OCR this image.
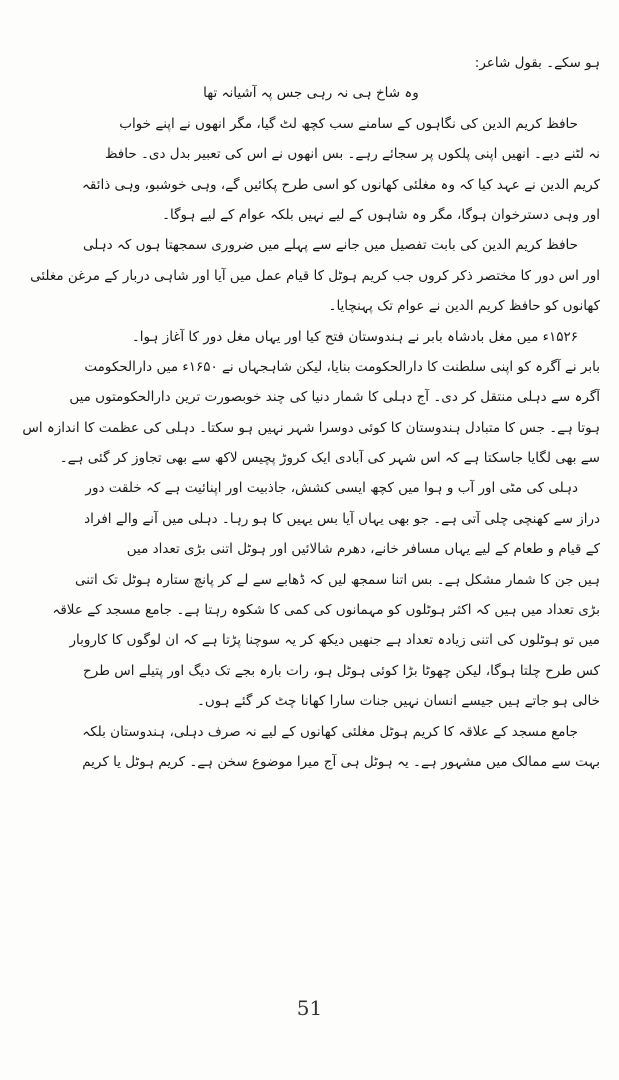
ہو سکے۔ بقول شاعر:
وہ شاخ ہی نہ رہی جس پہ آشیانہ تھا
حافظ کریم الدین کی نگاہوں کے سامنے سب کچھ لٹ گیا، مگر انھوں نے اپنے خواب
نہ لٹنے دیے۔ انھیں اپنی پلکوں پر سجائے رہے۔ بس انھوں نے اس کی تعبیر بدل دی۔ حافظ
کریم الدین نے عہد کیا کہ وہ مغلئی کھانوں کو اسی طرح پکائیں گے، وہی خوشبو، وہی ذائقہ
اور وہی دسترخوان ہوگا، مگر وہ شاہوں کے لیے نہیں بلکہ عوام کے لیے ہوگا۔
حافظ کریم الدین کی بابت تفصیل میں جانے سے پہلے میں ضروری سمجھتا ہوں کہ دہلی
اور اس دور کا مختصر ذکر کروں جب کریم ہوٹل کا قیام عمل میں آیا اور شاہی دربار کے مرغن مغلئی
کھانوں کو حافظ کریم الدین نے عوام تک پہنچایا۔
۱۵۲۶ء میں مغل بادشاہ بابر نے ہندوستان فتح کیا اور یہاں مغل دور کا آغاز ہوا۔
بابر نے آگرہ کو اپنی سلطنت کا دارالحکومت بنایا، لیکن شاہجہاں نے ۱۶۵۰ء میں دارالحکومت
آگرہ سے دہلی منتقل کر دی۔ آج دہلی کا شمار دنیا کی چند خوبصورت ترین دارالحکومتوں میں
ہوتا ہے۔ جس کا متبادل ہندوستان کا کوئی دوسرا شہر نہیں ہو سکتا۔ دہلی کی عظمت کا اندازہ اس
سے بھی لگایا جاسکتا ہے کہ اس شہر کی آبادی ایک کروڑ پچیس لاکھ سے بھی تجاوز کر گئی ہے۔
دہلی کی مٹی اور آب و ہوا میں کچھ ایسی کشش، جاذبیت اور اپنائیت ہے کہ خلقت دور
دراز سے کھنچی چلی آتی ہے۔ جو بھی یہاں آیا بس یہیں کا ہو رہا۔ دہلی میں آنے والے افراد
کے قیام و طعام کے لیے یہاں مسافر خانے، دھرم شالائیں اور ہوٹل اتنی بڑی تعداد میں
ہیں جن کا شمار مشکل ہے۔ بس اتنا سمجھ لیں کہ ڈھابے سے لے کر پانچ ستارہ ہوٹل تک اتنی
بڑی تعداد میں ہیں کہ اکثر ہوٹلوں کو مہمانوں کی کمی کا شکوہ رہتا ہے۔ جامع مسجد کے علاقہ
میں تو ہوٹلوں کی اتنی زیادہ تعداد ہے جنھیں دیکھ کر یہ سوچنا پڑتا ہے کہ ان لوگوں کا کاروبار
کس طرح چلتا ہوگا، لیکن چھوٹا بڑا کوئی ہوٹل ہو، رات بارہ بجے تک دیگ اور پتیلے اس طرح
خالی ہو جاتے ہیں جیسے انسان نہیں جنات سارا کھانا چٹ کر گئے ہوں۔
جامع مسجد کے علاقہ کا کریم ہوٹل مغلئی کھانوں کے لیے نہ صرف دہلی، ہندوستان بلکہ
بہت سے ممالک میں مشہور ہے۔ یہ ہوٹل ہی آج میرا موضوع سخن ہے۔ کریم ہوٹل یا کریم
51
